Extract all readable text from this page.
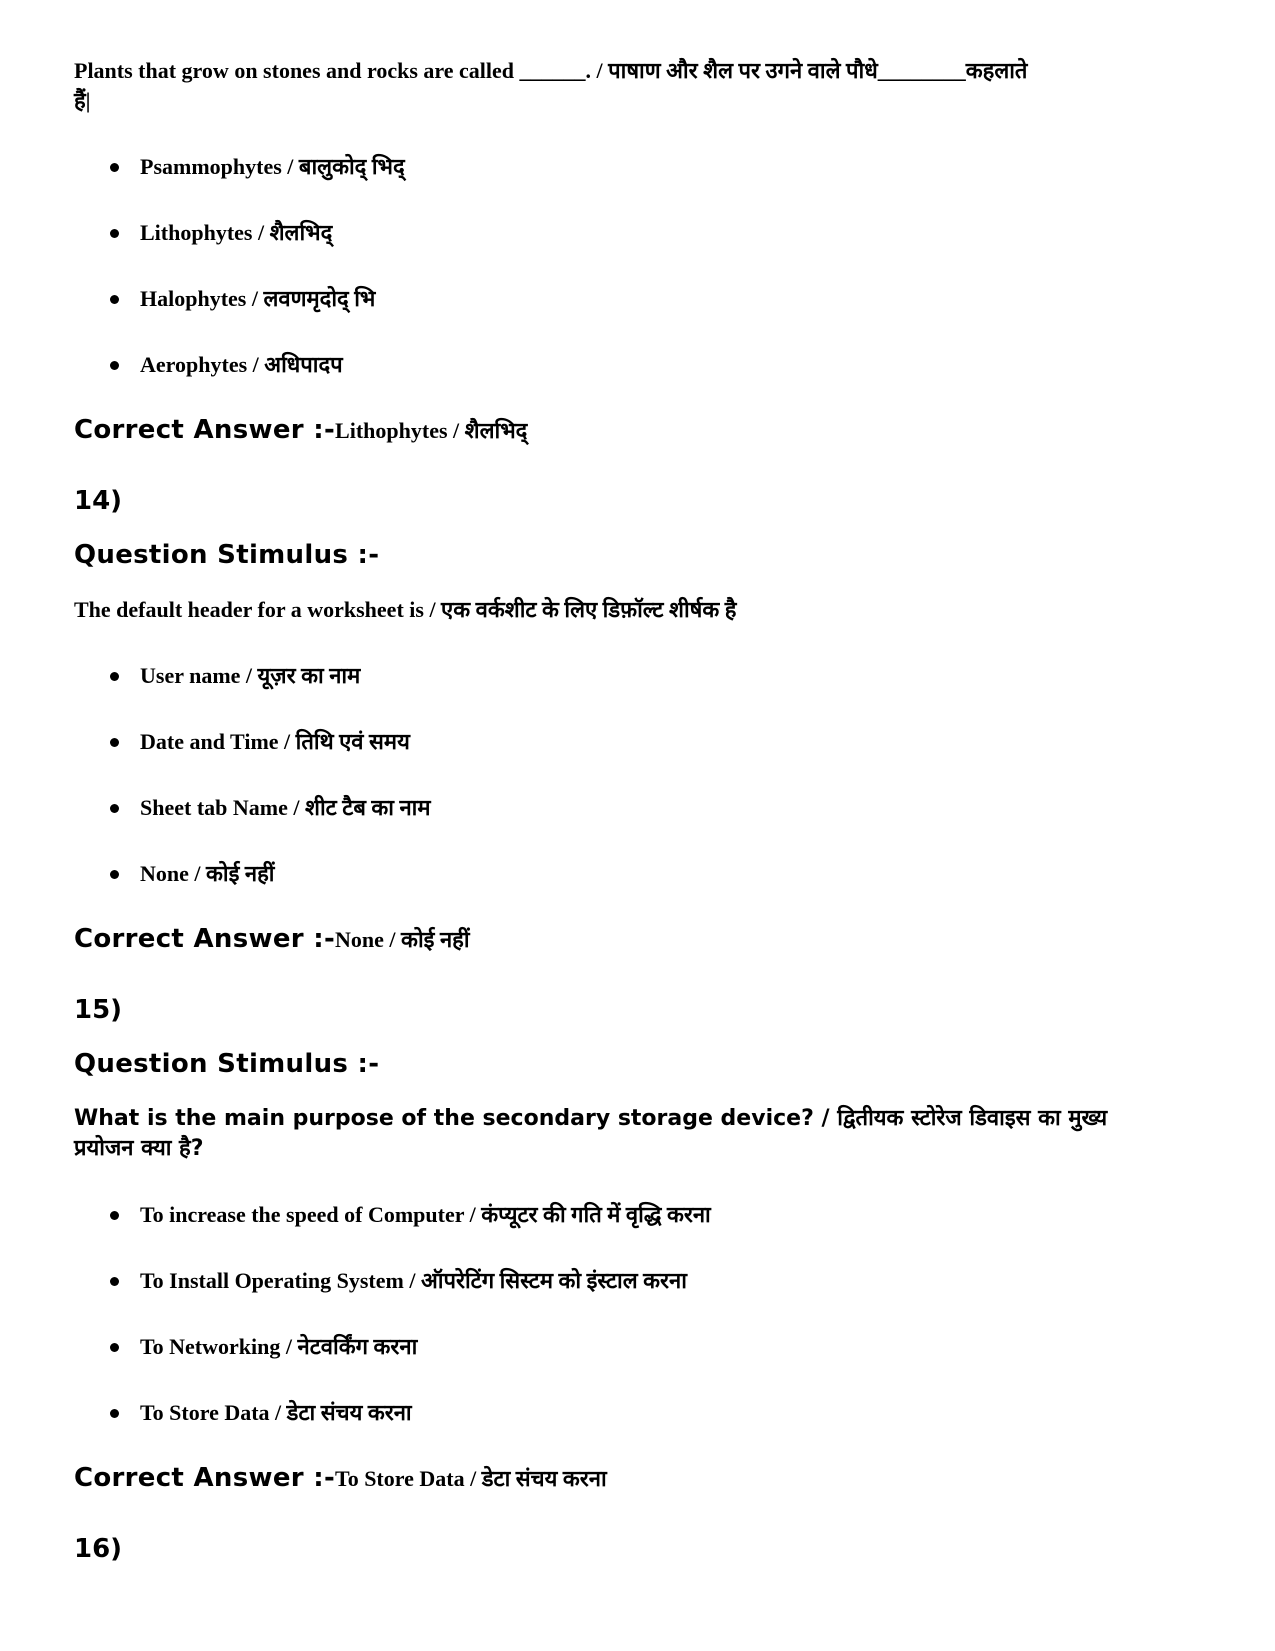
Plants that grow on stones and rocks are called ______. / पाषाण और शैल पर उगने वाले पौधे________कहलाते हैं|

Psammophytes / बालुकोद् भिद्
Lithophytes / शैलभिद्
Halophytes / लवणमृदोद् भि
Aerophytes / अधिपादप
Correct Answer :-Lithophytes / शैलभिद्
14)
Question Stimulus :-

The default header for a worksheet is / एक वर्कशीट के लिए डिफ़ॉल्ट शीर्षक है

User name / यूज़र का नाम
Date and Time / तिथि एवं समय
Sheet tab Name / शीट टैब का नाम
None / कोई नहीं
Correct Answer :-None / कोई नहीं
15)
Question Stimulus :-

What is the main purpose of the secondary storage device? / द्वितीयक स्टोरेज डिवाइस का मुख्य प्रयोजन क्या है?

To increase the speed of Computer / कंप्यूटर की गति में वृद्धि करना
To Install Operating System / ऑपरेटिंग सिस्टम को इंस्टाल करना
To Networking / नेटवर्किंग करना
To Store Data / डेटा संचय करना
Correct Answer :-To Store Data / डेटा संचय करना
16)
